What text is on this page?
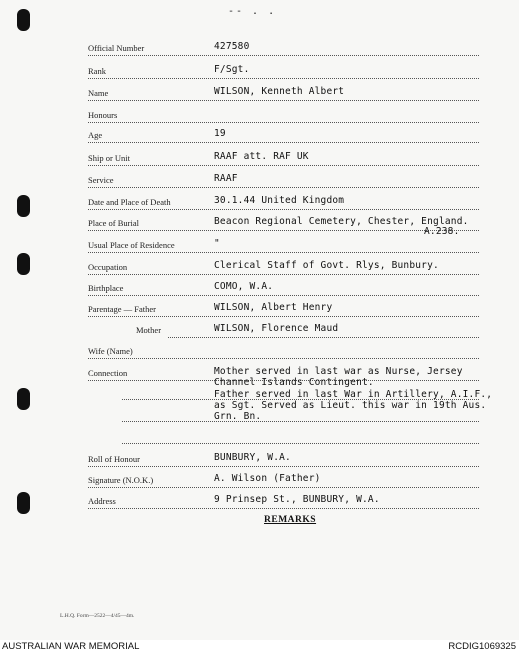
-- . .
Official Number	427580
Rank	F/Sgt.
Name	WILSON, Kenneth Albert
Honours
Age	19
Ship or Unit	RAAF att. RAF UK
Service	RAAF
Date and Place of Death	30.1.44 United Kingdom
Place of Burial	Beacon Regional Cemetery, Chester, England.
A.238.
Usual Place of Residence	"
Occupation	Clerical Staff of Govt. Rlys, Bunbury.
Birthplace	COMO, W.A.
Parentage — Father	WILSON, Albert Henry
Mother	WILSON, Florence Maud
Wife (Name)
Connection	Mother served in last war as Nurse, Jersey
Channel Islands Contingent.
Father served in last War in Artillery, A.I.F.,
as Sgt. Served as Lieut. this war in 19th Aus.
Grn. Bn.
Roll of Honour	BUNBURY, W.A.
Signature (N.O.K.)	A. Wilson (Father)
Address	9 Prinsep St., BUNBURY, W.A.
REMARKS
L.H.Q. Form—2522—4/45—4m.
AUSTRALIAN WAR MEMORIAL	RCDIG1069325
